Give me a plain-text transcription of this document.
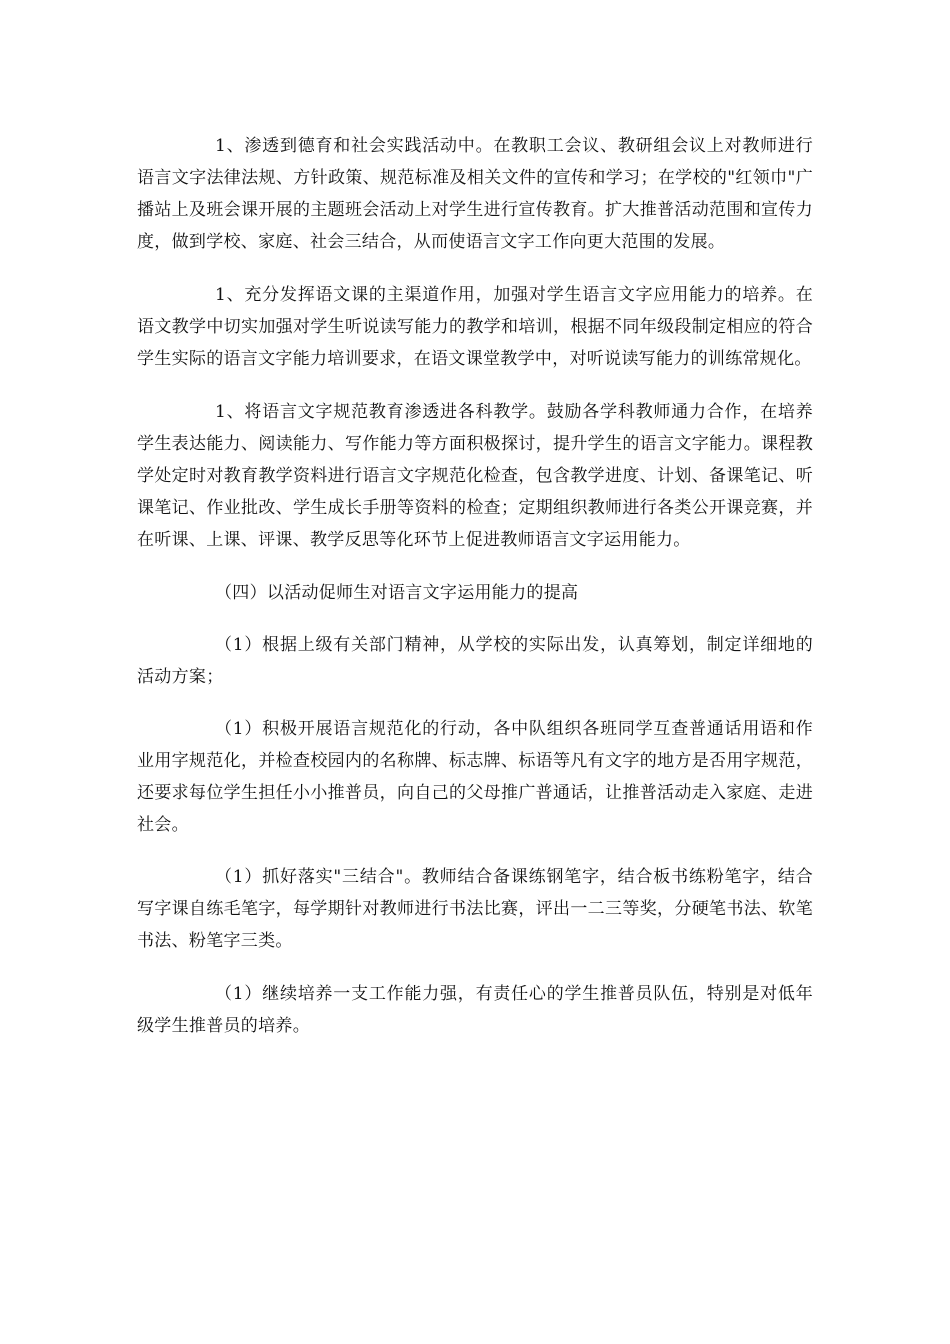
1、渗透到德育和社会实践活动中。在教职工会议、教研组会议上对教师进行语言文字法律法规、方针政策、规范标准及相关文件的宣传和学习；在学校的"红领巾"广播站上及班会课开展的主题班会活动上对学生进行宣传教育。扩大推普活动范围和宣传力度，做到学校、家庭、社会三结合，从而使语言文字工作向更大范围的发展。

1、充分发挥语文课的主渠道作用，加强对学生语言文字应用能力的培养。在语文教学中切实加强对学生听说读写能力的教学和培训，根据不同年级段制定相应的符合学生实际的语言文字能力培训要求，在语文课堂教学中，对听说读写能力的训练常规化。

1、将语言文字规范教育渗透进各科教学。鼓励各学科教师通力合作，在培养学生表达能力、阅读能力、写作能力等方面积极探讨，提升学生的语言文字能力。课程教学处定时对教育教学资料进行语言文字规范化检查，包含教学进度、计划、备课笔记、听课笔记、作业批改、学生成长手册等资料的检查；定期组织教师进行各类公开课竞赛，并在听课、上课、评课、教学反思等化环节上促进教师语言文字运用能力。

（四）以活动促师生对语言文字运用能力的提高

（1）根据上级有关部门精神，从学校的实际出发，认真筹划，制定详细地的活动方案；

（1）积极开展语言规范化的行动，各中队组织各班同学互查普通话用语和作业用字规范化，并检查校园内的名称牌、标志牌、标语等凡有文字的地方是否用字规范，还要求每位学生担任小小推普员，向自己的父母推广普通话，让推普活动走入家庭、走进社会。

（1）抓好落实"三结合"。教师结合备课练钢笔字，结合板书练粉笔字，结合写字课自练毛笔字，每学期针对教师进行书法比赛，评出一二三等奖，分硬笔书法、软笔书法、粉笔字三类。

（1）继续培养一支工作能力强，有责任心的学生推普员队伍，特别是对低年级学生推普员的培养。
